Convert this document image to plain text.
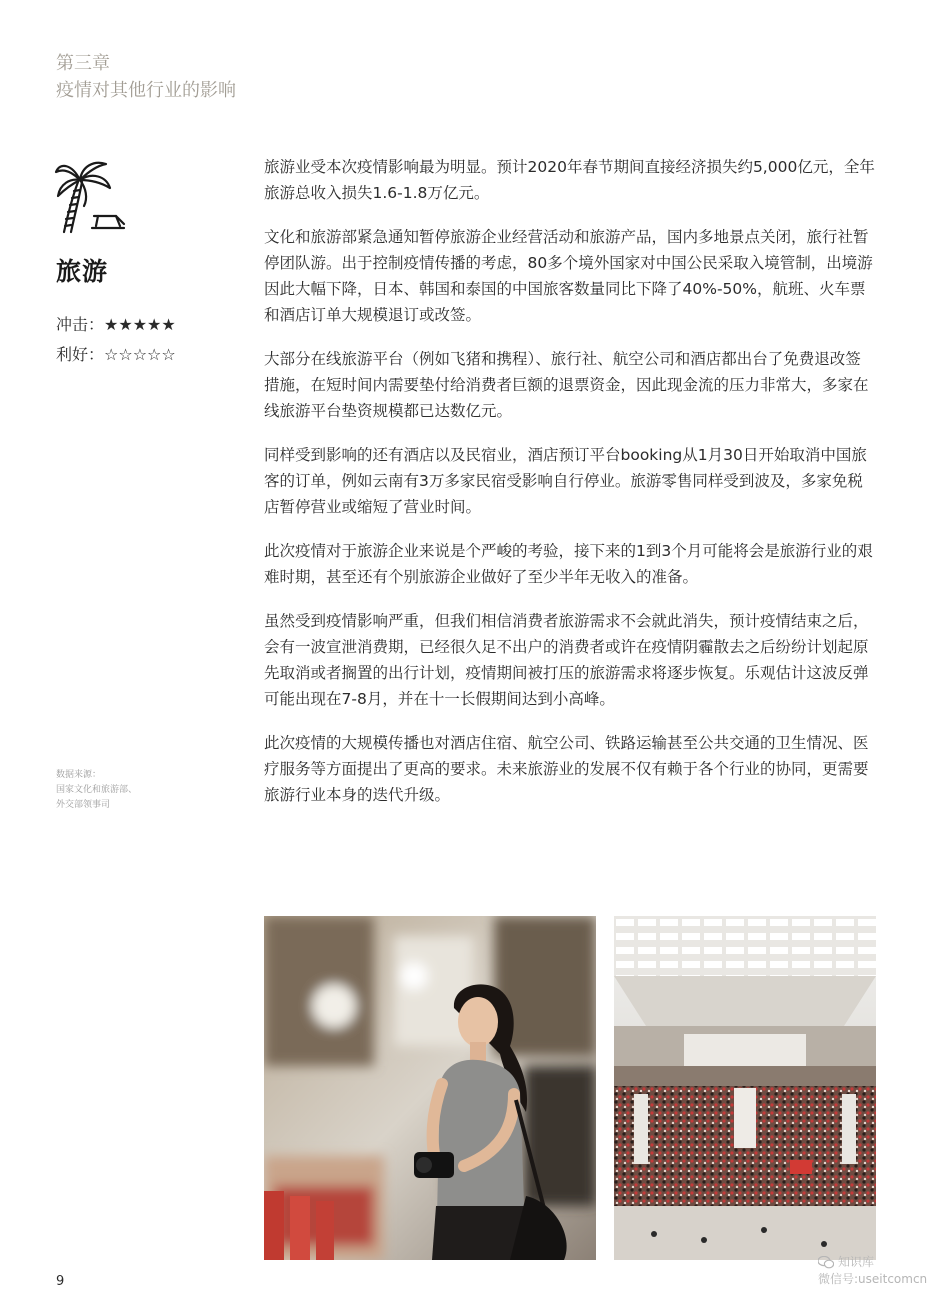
第三章
疫情对其他行业的影响
旅游
冲击：★★★★★
利好：☆☆☆☆☆
数据来源：
国家文化和旅游部、
外交部领事司

旅游业受本次疫情影响最为明显。预计2020年春节期间直接经济损失约5,000亿元，全年旅游总收入损失1.6-1.8万亿元。

文化和旅游部紧急通知暂停旅游企业经营活动和旅游产品，国内多地景点关闭，旅行社暂停团队游。出于控制疫情传播的考虑，80多个境外国家对中国公民采取入境管制，出境游因此大幅下降，日本、韩国和泰国的中国旅客数量同比下降了40%-50%，航班、火车票和酒店订单大规模退订或改签。

大部分在线旅游平台（例如飞猪和携程）、旅行社、航空公司和酒店都出台了免费退改签措施，在短时间内需要垫付给消费者巨额的退票资金，因此现金流的压力非常大，多家在线旅游平台垫资规模都已达数亿元。

同样受到影响的还有酒店以及民宿业，酒店预订平台booking从1月30日开始取消中国旅客的订单，例如云南有3万多家民宿受影响自行停业。旅游零售同样受到波及，多家免税店暂停营业或缩短了营业时间。

此次疫情对于旅游企业来说是个严峻的考验，接下来的1到3个月可能将会是旅游行业的艰难时期，甚至还有个别旅游企业做好了至少半年无收入的准备。

虽然受到疫情影响严重，但我们相信消费者旅游需求不会就此消失，预计疫情结束之后，会有一波宣泄消费期，已经很久足不出户的消费者或许在疫情阴霾散去之后纷纷计划起原先取消或者搁置的出行计划，疫情期间被打压的旅游需求将逐步恢复。乐观估计这波反弹可能出现在7-8月，并在十一长假期间达到小高峰。

此次疫情的大规模传播也对酒店住宿、航空公司、铁路运输甚至公共交通的卫生情况、医疗服务等方面提出了更高的要求。未来旅游业的发展不仅有赖于各个行业的协同，更需要旅游行业本身的迭代升级。

9
知识库
微信号:useitcomcn
